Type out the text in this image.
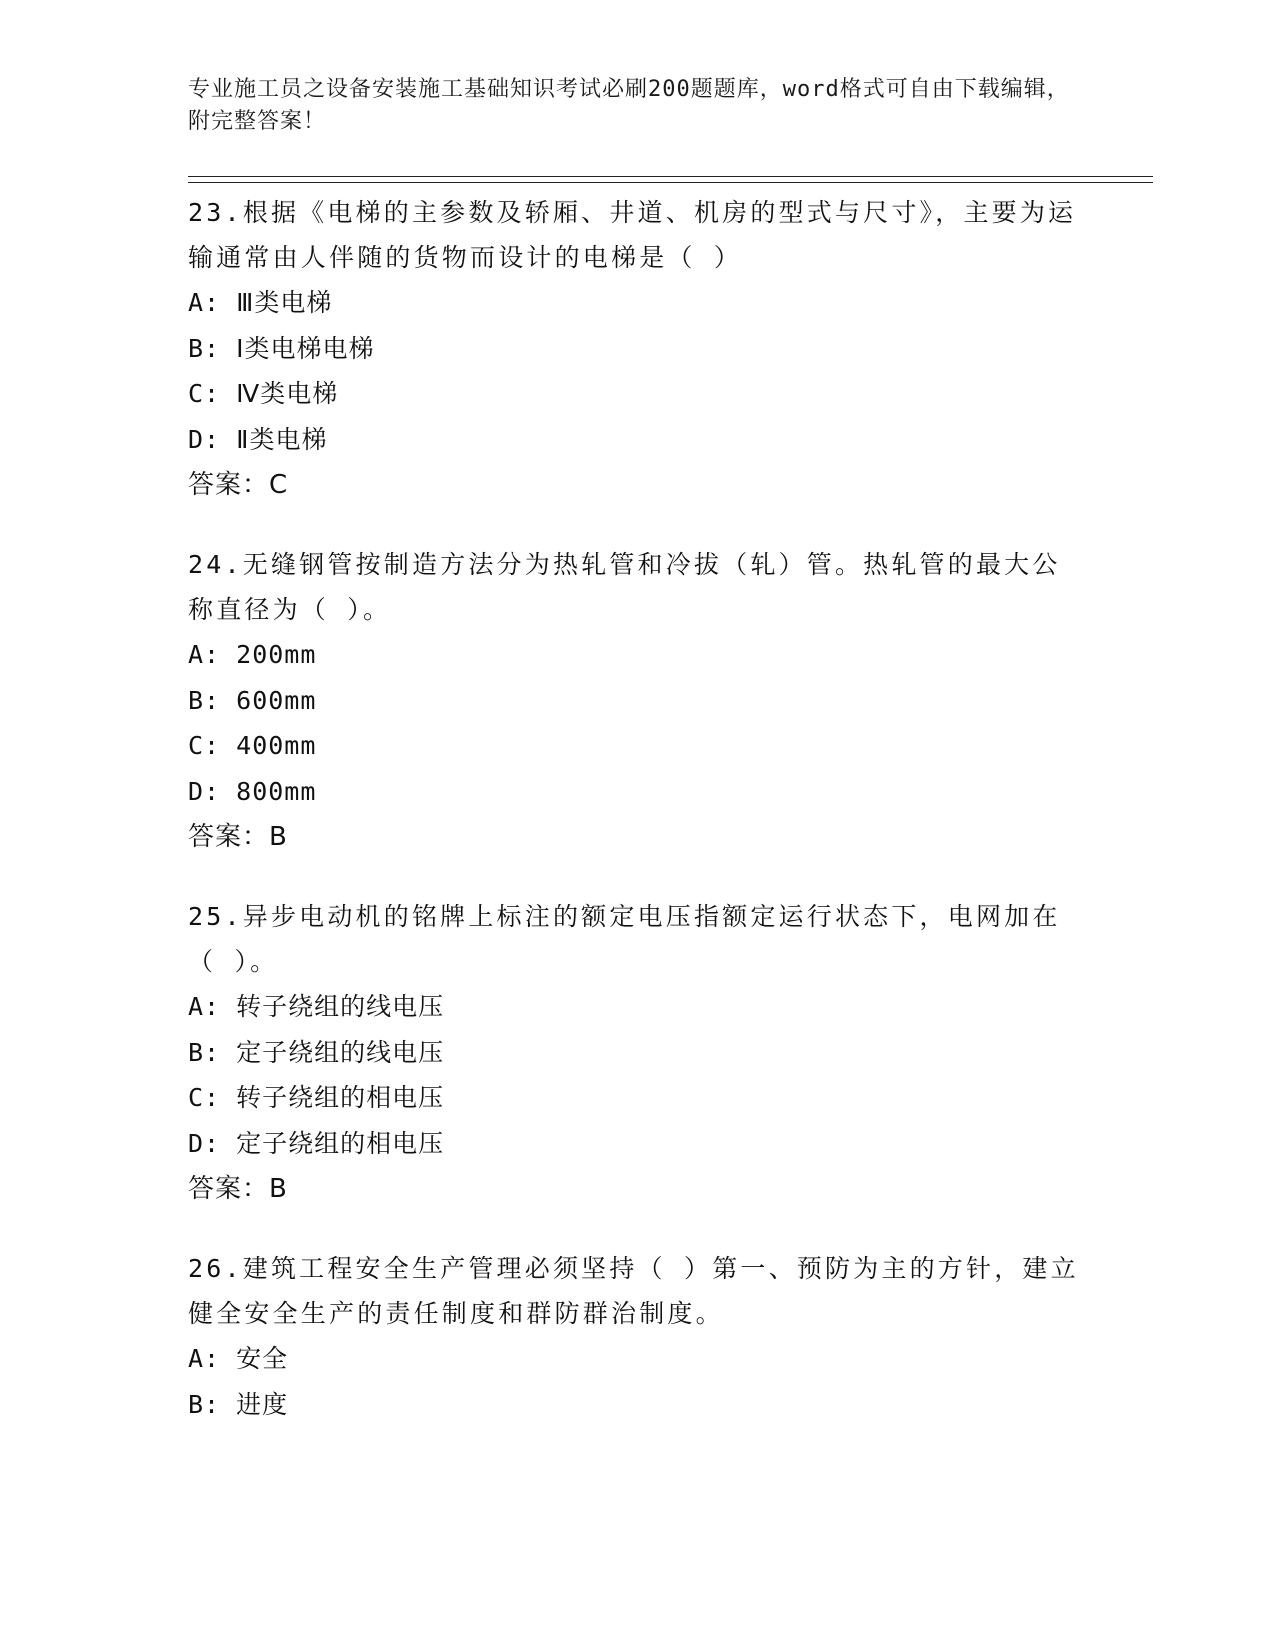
专业施工员之设备安装施工基础知识考试必刷200题题库，word格式可自由下载编辑，附完整答案！

23.根据《电梯的主参数及轿厢、井道、机房的型式与尺寸》，主要为运输通常由人伴随的货物而设计的电梯是（ ）

A: Ⅲ类电梯

B: Ⅰ类电梯电梯

C: Ⅳ类电梯

D: Ⅱ类电梯

答案：C

24.无缝钢管按制造方法分为热轧管和冷拔（轧）管。热轧管的最大公称直径为（ ）。

A: 200mm

B: 600mm

C: 400mm

D: 800mm

答案：B

25.异步电动机的铭牌上标注的额定电压指额定运行状态下，电网加在（ ）。

A: 转子绕组的线电压

B: 定子绕组的线电压

C: 转子绕组的相电压

D: 定子绕组的相电压

答案：B

26.建筑工程安全生产管理必须坚持（ ）第一、预防为主的方针，建立健全安全生产的责任制度和群防群治制度。

A: 安全

B: 进度
